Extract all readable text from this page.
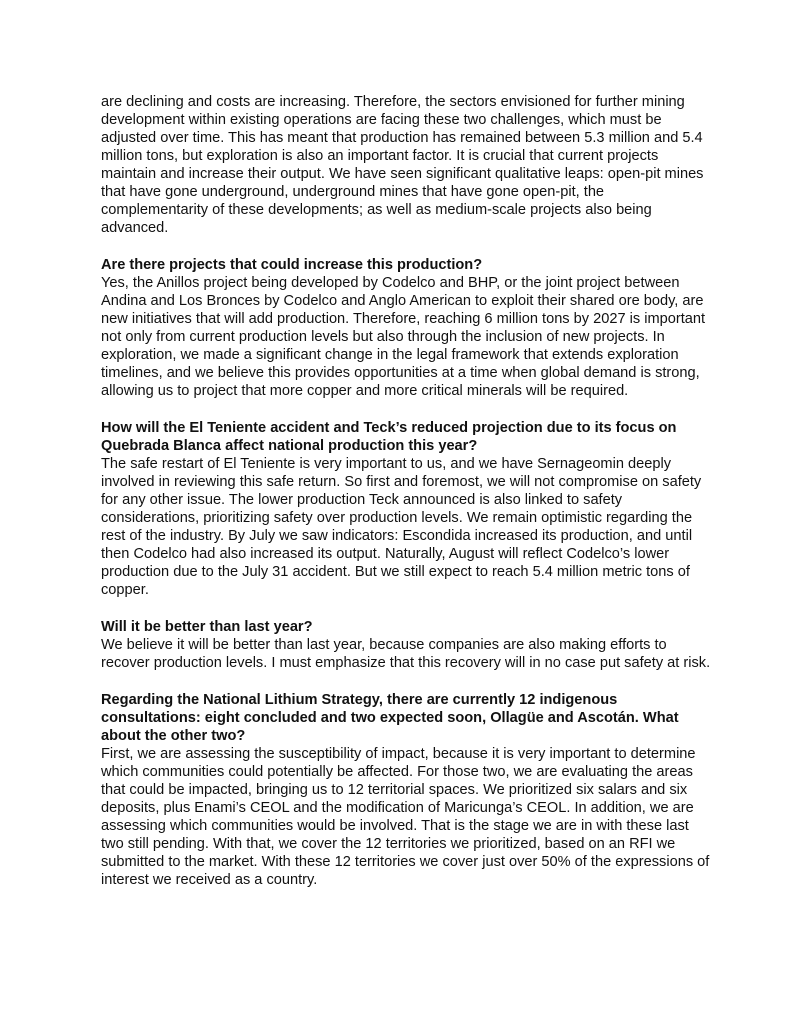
are declining and costs are increasing. Therefore, the sectors envisioned for further mining development within existing operations are facing these two challenges, which must be adjusted over time. This has meant that production has remained between 5.3 million and 5.4 million tons, but exploration is also an important factor. It is crucial that current projects maintain and increase their output. We have seen significant qualitative leaps: open-pit mines that have gone underground, underground mines that have gone open-pit, the complementarity of these developments; as well as medium-scale projects also being advanced.

Are there projects that could increase this production?

Yes, the Anillos project being developed by Codelco and BHP, or the joint project between Andina and Los Bronces by Codelco and Anglo American to exploit their shared ore body, are new initiatives that will add production. Therefore, reaching 6 million tons by 2027 is important not only from current production levels but also through the inclusion of new projects. In exploration, we made a significant change in the legal framework that extends exploration timelines, and we believe this provides opportunities at a time when global demand is strong, allowing us to project that more copper and more critical minerals will be required.

How will the El Teniente accident and Teck’s reduced projection due to its focus on Quebrada Blanca affect national production this year?

The safe restart of El Teniente is very important to us, and we have Sernageomin deeply involved in reviewing this safe return. So first and foremost, we will not compromise on safety for any other issue. The lower production Teck announced is also linked to safety considerations, prioritizing safety over production levels. We remain optimistic regarding the rest of the industry. By July we saw indicators: Escondida increased its production, and until then Codelco had also increased its output. Naturally, August will reflect Codelco’s lower production due to the July 31 accident. But we still expect to reach 5.4 million metric tons of copper.

Will it be better than last year?

We believe it will be better than last year, because companies are also making efforts to recover production levels. I must emphasize that this recovery will in no case put safety at risk.

Regarding the National Lithium Strategy, there are currently 12 indigenous consultations: eight concluded and two expected soon, Ollagüe and Ascotán. What about the other two?

First, we are assessing the susceptibility of impact, because it is very important to determine which communities could potentially be affected. For those two, we are evaluating the areas that could be impacted, bringing us to 12 territorial spaces. We prioritized six salars and six deposits, plus Enami’s CEOL and the modification of Maricunga’s CEOL. In addition, we are assessing which communities would be involved. That is the stage we are in with these last two still pending. With that, we cover the 12 territories we prioritized, based on an RFI we submitted to the market. With these 12 territories we cover just over 50% of the expressions of interest we received as a country.
